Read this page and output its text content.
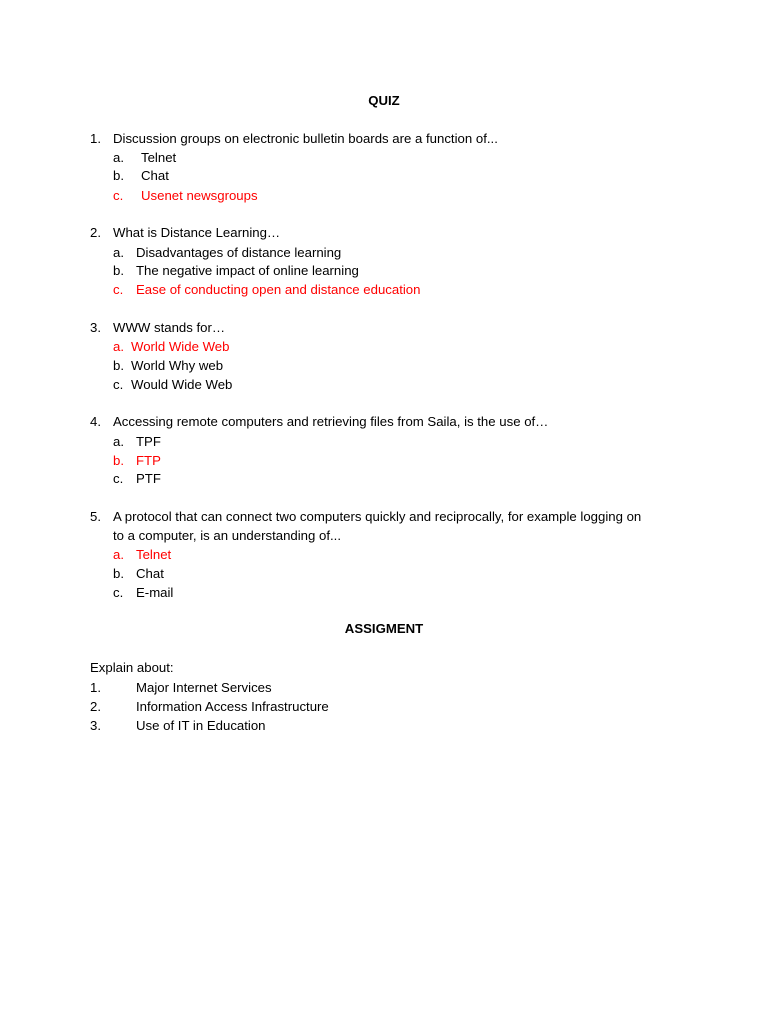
QUIZ
1. Discussion groups on electronic bulletin boards are a function of...
a. Telnet
b. Chat
c. Usenet newsgroups
2. What is Distance Learning…
a. Disadvantages of distance learning
b. The negative impact of online learning
c. Ease of conducting open and distance education
3. WWW stands for…
a. World Wide Web
b. World Why web
c. Would Wide Web
4. Accessing remote computers and retrieving files from Saila, is the use of…
a. TPF
b. FTP
c. PTF
5. A protocol that can connect two computers quickly and reciprocally, for example logging on
to a computer, is an understanding of...
a. Telnet
b. Chat
c. E-mail
ASSIGMENT
Explain about:
1.	Major Internet Services
2.	Information Access Infrastructure
3.	Use of IT in Education
